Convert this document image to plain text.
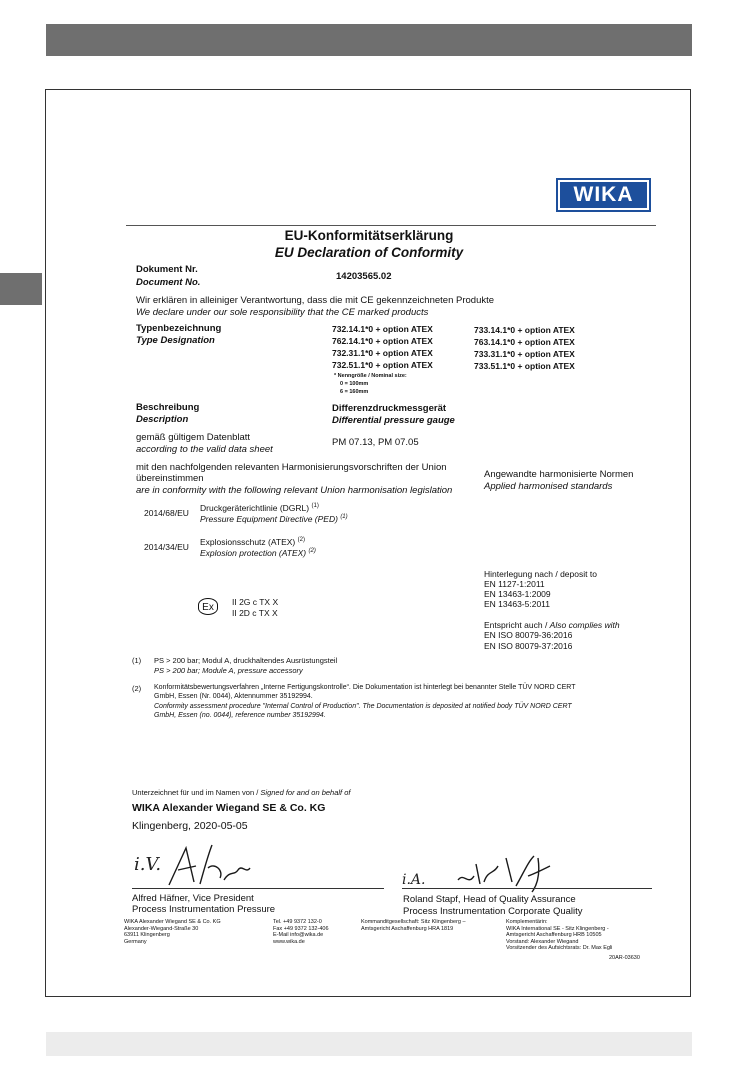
WIKA
EU-Konformitätserklärung
EU Declaration of Conformity
Dokument Nr.
Document No.
14203565.02
Wir erklären in alleiniger Verantwortung, dass die mit CE gekennzeichneten Produkte
We declare under our sole responsibility that the CE marked products
Typenbezeichnung
Type Designation
732.14.1*0 + option ATEX
762.14.1*0 + option ATEX
732.31.1*0 + option ATEX
732.51.1*0 + option ATEX
733.14.1*0 + option ATEX
763.14.1*0 + option ATEX
733.31.1*0 + option ATEX
733.51.1*0 + option ATEX
* Nenngröße / Nominal size:
0 = 100mm
6 = 160mm
Beschreibung
Description
Differenzdruckmessgerät
Differential pressure gauge
gemäß gültigem Datenblatt
according to the valid data sheet
PM 07.13, PM 07.05
mit den nachfolgenden relevanten Harmonisierungsvorschriften der Union
übereinstimmen
are in conformity with the following relevant Union harmonisation legislation
Angewandte harmonisierte Normen
Applied harmonised standards
2014/68/EU Druckgeräterichtlinie (DGRL) $^{(1)}$
Pressure Equipment Directive (PED) $^{(1)}$
2014/34/EU Explosionsschutz (ATEX) $^{(2)}$
Explosion protection (ATEX) $^{(2)}$
Ex	II 2G c TX X
II 2D c TX X
Hinterlegung nach / deposit to
EN 1127-1:2011
EN 13463-1:2009
EN 13463-5:2011
Entspricht auch / Also complies with
EN ISO 80079-36:2016
EN ISO 80079-37:2016
(1) PS > 200 bar; Modul A, druckhaltendes Ausrüstungsteil
PS > 200 bar; Module A, pressure accessory
(2) Konformitätsbewertungsverfahren „Interne Fertigungskontrolle“. Die Dokumentation ist hinterlegt bei benannter Stelle TÜV NORD CERT
GmbH, Essen (Nr. 0044), Aktennummer 35192994.
Conformity assessment procedure "Internal Control of Production". The Documentation is deposited at notified body TÜV NORD CERT
GmbH, Essen (no. 0044), reference number 35192994.
Unterzeichnet für und im Namen von / Signed for and on behalf of
WIKA Alexander Wiegand SE & Co. KG
Klingenberg, 2020-05-05
i.V.
i.A.
Alfred Häfner, Vice President
Process Instrumentation Pressure
Roland Stapf, Head of Quality Assurance
Process Instrumentation Corporate Quality
WIKA Alexander Wiegand SE & Co. KG
Alexander-Wiegand-Straße 30
63911 Klingenberg
Germany
Tel. +49 9372 132-0
Fax +49 9372 132-406
E-Mail info@wika.de
www.wika.de
Kommanditgesellschaft: Sitz Klingenberg –
Amtsgericht Aschaffenburg HRA 1819
Komplementärin:
WIKA International SE - Sitz Klingenberg -
Amtsgericht Aschaffenburg HRB 10505
Vorstand: Alexander Wiegand
Vorsitzender des Aufsichtsrats: Dr. Max Egli
20AR-03630
